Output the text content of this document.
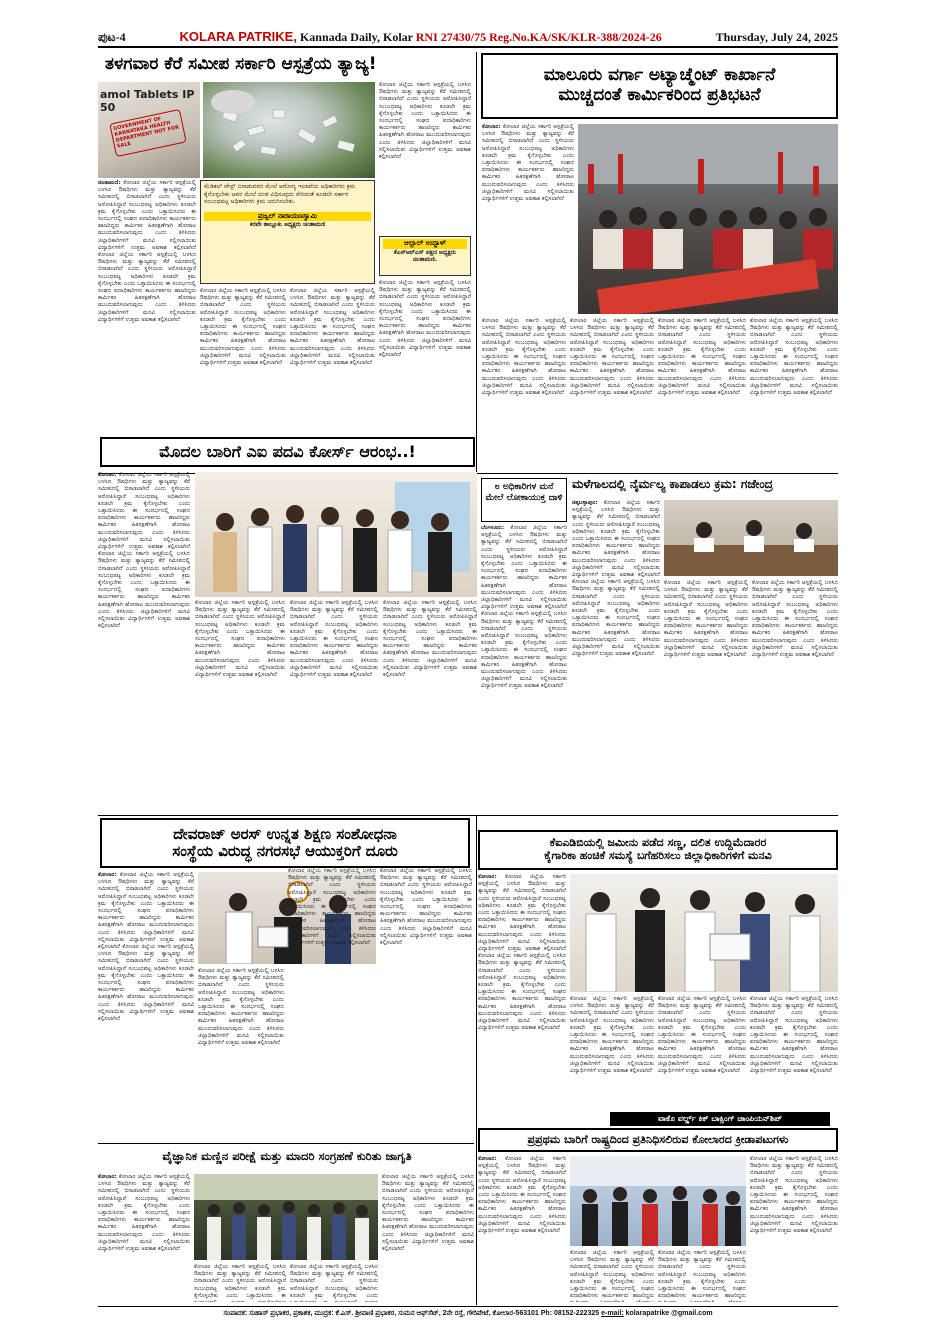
ಪುಟ-4	KOLARA PATRIKE, Kannada Daily, Kolar RNI 27430/75 Reg.No.KA/SK/KLR-388/2024-26	Thursday, July 24, 2025
ತಳಗವಾರ ಕೆರೆ ಸಮೀಪ ಸರ್ಕಾರಿ ಆಸ್ಪತ್ರೆಯ ತ್ಯಾಜ್ಯ!
amol Tablets IP 50
GOVERNMENT OF KARNATAKA HEALTH DEPARTMENT NOT FOR SALE
ಮೆಡಿಕಲ್ ವೇಸ್ಟ್ ಬಿಸಾಡುವವರ ಮೇಲೆ ಆರೋಗ್ಯ ಇಲಾಖೆಯ ಅಧಿಕಾರಿಗಳು ಕ್ರಮ ಕೈಗೊಳ್ಳಬೇಕು ಅವರ ಮೇಲೆ ದಂಡ ವಿಧಿಸುವುದು ಸೇರಿದಂತೆ ಕೂಡಲೇ ಸರ್ಕಾರ ಸಂಬಂಧಪಟ್ಟ ಅಧಿಕಾರಿಗಳು ಕ್ರಮ ಜರುಗಿಸಬೇಕು.
ಪ್ರಜ್ವಲ್ ನಾರಾಯಣಸ್ವಾಮಿ
ಕರವೇ ತಾಲ್ಲೂಕು ಅಧ್ಯಕ್ಷರು ಚಿಂತಾಮಣಿ
ಚಿಂತಾಮಣಿ: ಕೋಲಾರ ಜಿಲ್ಲೆಯ ಸರ್ಕಾರಿ ಆಸ್ಪತ್ರೆಯಲ್ಲಿ ಬಳಸಿದ ಔಷಧಿಗಳು ಮತ್ತು ತ್ಯಾಜ್ಯವನ್ನು ಕೆರೆ ಸಮೀಪದಲ್ಲಿ ಬಿಸಾಡಲಾಗಿದೆ ಎಂದು ಸ್ಥಳೀಯರು ಆರೋಪಿಸಿದ್ದಾರೆ ಸಂಬಂಧಪಟ್ಟ ಅಧಿಕಾರಿಗಳು ಕೂಡಲೇ ಕ್ರಮ ಕೈಗೊಳ್ಳಬೇಕು ಎಂದು ಒತ್ತಾಯಿಸಿದರು ಈ ಸಂದರ್ಭದಲ್ಲಿ ಸಂಘದ ಪದಾಧಿಕಾರಿಗಳು ಕಾರ್ಯಕರ್ತರು ಹಾಜರಿದ್ದರು ಕಾರ್ಮಿಕರ ಹಿತರಕ್ಷಣೆಗಾಗಿ ಹೋರಾಟ ಮುಂದುವರಿಸಲಾಗುವುದು ಎಂದು ತಿಳಿಸಿದರು ಜಿಲ್ಲಾಧಿಕಾರಿಗಳಿಗೆ ಮನವಿ ಸಲ್ಲಿಸಲಾಯಿತು ವಿದ್ಯಾರ್ಥಿಗಳಿಗೆ ಉತ್ತಮ ಅವಕಾಶ ಕಲ್ಪಿಸಲಾಗಿದೆ ಕೋಲಾರ ಜಿಲ್ಲೆಯ ಸರ್ಕಾರಿ ಆಸ್ಪತ್ರೆಯಲ್ಲಿ ಬಳಸಿದ ಔಷಧಿಗಳು ಮತ್ತು ತ್ಯಾಜ್ಯವನ್ನು ಕೆರೆ ಸಮೀಪದಲ್ಲಿ ಬಿಸಾಡಲಾಗಿದೆ ಎಂದು ಸ್ಥಳೀಯರು ಆರೋಪಿಸಿದ್ದಾರೆ ಸಂಬಂಧಪಟ್ಟ ಅಧಿಕಾರಿಗಳು ಕೂಡಲೇ ಕ್ರಮ ಕೈಗೊಳ್ಳಬೇಕು ಎಂದು ಒತ್ತಾಯಿಸಿದರು ಈ ಸಂದರ್ಭದಲ್ಲಿ ಸಂಘದ ಪದಾಧಿಕಾರಿಗಳು ಕಾರ್ಯಕರ್ತರು ಹಾಜರಿದ್ದರು ಕಾರ್ಮಿಕರ ಹಿತರಕ್ಷಣೆಗಾಗಿ ಹೋರಾಟ ಮುಂದುವರಿಸಲಾಗುವುದು ಎಂದು ತಿಳಿಸಿದರು ಜಿಲ್ಲಾಧಿಕಾರಿಗಳಿಗೆ ಮನವಿ ಸಲ್ಲಿಸಲಾಯಿತು ವಿದ್ಯಾರ್ಥಿಗಳಿಗೆ ಉತ್ತಮ ಅವಕಾಶ ಕಲ್ಪಿಸಲಾಗಿದೆ
ಕೋಲಾರ ಜಿಲ್ಲೆಯ ಸರ್ಕಾರಿ ಆಸ್ಪತ್ರೆಯಲ್ಲಿ ಬಳಸಿದ ಔಷಧಿಗಳು ಮತ್ತು ತ್ಯಾಜ್ಯವನ್ನು ಕೆರೆ ಸಮೀಪದಲ್ಲಿ ಬಿಸಾಡಲಾಗಿದೆ ಎಂದು ಸ್ಥಳೀಯರು ಆರೋಪಿಸಿದ್ದಾರೆ ಸಂಬಂಧಪಟ್ಟ ಅಧಿಕಾರಿಗಳು ಕೂಡಲೇ ಕ್ರಮ ಕೈಗೊಳ್ಳಬೇಕು ಎಂದು ಒತ್ತಾಯಿಸಿದರು ಈ ಸಂದರ್ಭದಲ್ಲಿ ಸಂಘದ ಪದಾಧಿಕಾರಿಗಳು ಕಾರ್ಯಕರ್ತರು ಹಾಜರಿದ್ದರು ಕಾರ್ಮಿಕರ ಹಿತರಕ್ಷಣೆಗಾಗಿ ಹೋರಾಟ ಮುಂದುವರಿಸಲಾಗುವುದು ಎಂದು ತಿಳಿಸಿದರು ಜಿಲ್ಲಾಧಿಕಾರಿಗಳಿಗೆ ಮನವಿ ಸಲ್ಲಿಸಲಾಯಿತು ವಿದ್ಯಾರ್ಥಿಗಳಿಗೆ ಉತ್ತಮ ಅವಕಾಶ ಕಲ್ಪಿಸಲಾಗಿದೆ
ಕೋಲಾರ ಜಿಲ್ಲೆಯ ಸರ್ಕಾರಿ ಆಸ್ಪತ್ರೆಯಲ್ಲಿ ಬಳಸಿದ ಔಷಧಿಗಳು ಮತ್ತು ತ್ಯಾಜ್ಯವನ್ನು ಕೆರೆ ಸಮೀಪದಲ್ಲಿ ಬಿಸಾಡಲಾಗಿದೆ ಎಂದು ಸ್ಥಳೀಯರು ಆರೋಪಿಸಿದ್ದಾರೆ ಸಂಬಂಧಪಟ್ಟ ಅಧಿಕಾರಿಗಳು ಕೂಡಲೇ ಕ್ರಮ ಕೈಗೊಳ್ಳಬೇಕು ಎಂದು ಒತ್ತಾಯಿಸಿದರು ಈ ಸಂದರ್ಭದಲ್ಲಿ ಸಂಘದ ಪದಾಧಿಕಾರಿಗಳು ಕಾರ್ಯಕರ್ತರು ಹಾಜರಿದ್ದರು ಕಾರ್ಮಿಕರ ಹಿತರಕ್ಷಣೆಗಾಗಿ ಹೋರಾಟ ಮುಂದುವರಿಸಲಾಗುವುದು ಎಂದು ತಿಳಿಸಿದರು ಜಿಲ್ಲಾಧಿಕಾರಿಗಳಿಗೆ ಮನವಿ ಸಲ್ಲಿಸಲಾಯಿತು ವಿದ್ಯಾರ್ಥಿಗಳಿಗೆ ಉತ್ತಮ ಅವಕಾಶ ಕಲ್ಪಿಸಲಾಗಿದೆ
ಕೋಲಾರ ಜಿಲ್ಲೆಯ ಸರ್ಕಾರಿ ಆಸ್ಪತ್ರೆಯಲ್ಲಿ ಬಳಸಿದ ಔಷಧಿಗಳು ಮತ್ತು ತ್ಯಾಜ್ಯವನ್ನು ಕೆರೆ ಸಮೀಪದಲ್ಲಿ ಬಿಸಾಡಲಾಗಿದೆ ಎಂದು ಸ್ಥಳೀಯರು ಆರೋಪಿಸಿದ್ದಾರೆ ಸಂಬಂಧಪಟ್ಟ ಅಧಿಕಾರಿಗಳು ಕೂಡಲೇ ಕ್ರಮ ಕೈಗೊಳ್ಳಬೇಕು ಎಂದು ಒತ್ತಾಯಿಸಿದರು ಈ ಸಂದರ್ಭದಲ್ಲಿ ಸಂಘದ ಪದಾಧಿಕಾರಿಗಳು ಕಾರ್ಯಕರ್ತರು ಹಾಜರಿದ್ದರು ಕಾರ್ಮಿಕರ ಹಿತರಕ್ಷಣೆಗಾಗಿ ಹೋರಾಟ ಮುಂದುವರಿಸಲಾಗುವುದು ಎಂದು ತಿಳಿಸಿದರು ಜಿಲ್ಲಾಧಿಕಾರಿಗಳಿಗೆ ಮನವಿ ಸಲ್ಲಿಸಲಾಯಿತು ವಿದ್ಯಾರ್ಥಿಗಳಿಗೆ ಉತ್ತಮ ಅವಕಾಶ ಕಲ್ಪಿಸಲಾಗಿದೆ
ಆಲ್ಲಾಲ್ ಉದ್ದಾಳ್
ಕೆಎಸ್ಆರ್‌ಎಸ್ ಪಕ್ಷದ ಅಧ್ಯಕ್ಷರು ಚಿಂತಾಮಣಿ.
ಕೋಲಾರ ಜಿಲ್ಲೆಯ ಸರ್ಕಾರಿ ಆಸ್ಪತ್ರೆಯಲ್ಲಿ ಬಳಸಿದ ಔಷಧಿಗಳು ಮತ್ತು ತ್ಯಾಜ್ಯವನ್ನು ಕೆರೆ ಸಮೀಪದಲ್ಲಿ ಬಿಸಾಡಲಾಗಿದೆ ಎಂದು ಸ್ಥಳೀಯರು ಆರೋಪಿಸಿದ್ದಾರೆ ಸಂಬಂಧಪಟ್ಟ ಅಧಿಕಾರಿಗಳು ಕೂಡಲೇ ಕ್ರಮ ಕೈಗೊಳ್ಳಬೇಕು ಎಂದು ಒತ್ತಾಯಿಸಿದರು ಈ ಸಂದರ್ಭದಲ್ಲಿ ಸಂಘದ ಪದಾಧಿಕಾರಿಗಳು ಕಾರ್ಯಕರ್ತರು ಹಾಜರಿದ್ದರು ಕಾರ್ಮಿಕರ ಹಿತರಕ್ಷಣೆಗಾಗಿ ಹೋರಾಟ ಮುಂದುವರಿಸಲಾಗುವುದು ಎಂದು ತಿಳಿಸಿದರು ಜಿಲ್ಲಾಧಿಕಾರಿಗಳಿಗೆ ಮನವಿ ಸಲ್ಲಿಸಲಾಯಿತು ವಿದ್ಯಾರ್ಥಿಗಳಿಗೆ ಉತ್ತಮ ಅವಕಾಶ ಕಲ್ಪಿಸಲಾಗಿದೆ
ಮಾಲೂರು ವರ್ಗಾ ಅಟ್ಯಾಚ್ಮೆಂಟ್ ಕಾರ್ಖಾನೆ
ಮುಚ್ಚದಂತೆ ಕಾರ್ಮಿಕರಿಂದ ಪ್ರತಿಭಟನೆ
ಕೋಲಾರ: ಕೋಲಾರ ಜಿಲ್ಲೆಯ ಸರ್ಕಾರಿ ಆಸ್ಪತ್ರೆಯಲ್ಲಿ ಬಳಸಿದ ಔಷಧಿಗಳು ಮತ್ತು ತ್ಯಾಜ್ಯವನ್ನು ಕೆರೆ ಸಮೀಪದಲ್ಲಿ ಬಿಸಾಡಲಾಗಿದೆ ಎಂದು ಸ್ಥಳೀಯರು ಆರೋಪಿಸಿದ್ದಾರೆ ಸಂಬಂಧಪಟ್ಟ ಅಧಿಕಾರಿಗಳು ಕೂಡಲೇ ಕ್ರಮ ಕೈಗೊಳ್ಳಬೇಕು ಎಂದು ಒತ್ತಾಯಿಸಿದರು ಈ ಸಂದರ್ಭದಲ್ಲಿ ಸಂಘದ ಪದಾಧಿಕಾರಿಗಳು ಕಾರ್ಯಕರ್ತರು ಹಾಜರಿದ್ದರು ಕಾರ್ಮಿಕರ ಹಿತರಕ್ಷಣೆಗಾಗಿ ಹೋರಾಟ ಮುಂದುವರಿಸಲಾಗುವುದು ಎಂದು ತಿಳಿಸಿದರು ಜಿಲ್ಲಾಧಿಕಾರಿಗಳಿಗೆ ಮನವಿ ಸಲ್ಲಿಸಲಾಯಿತು ವಿದ್ಯಾರ್ಥಿಗಳಿಗೆ ಉತ್ತಮ ಅವಕಾಶ ಕಲ್ಪಿಸಲಾಗಿದೆ
ಕೋಲಾರ ಜಿಲ್ಲೆಯ ಸರ್ಕಾರಿ ಆಸ್ಪತ್ರೆಯಲ್ಲಿ ಬಳಸಿದ ಔಷಧಿಗಳು ಮತ್ತು ತ್ಯಾಜ್ಯವನ್ನು ಕೆರೆ ಸಮೀಪದಲ್ಲಿ ಬಿಸಾಡಲಾಗಿದೆ ಎಂದು ಸ್ಥಳೀಯರು ಆರೋಪಿಸಿದ್ದಾರೆ ಸಂಬಂಧಪಟ್ಟ ಅಧಿಕಾರಿಗಳು ಕೂಡಲೇ ಕ್ರಮ ಕೈಗೊಳ್ಳಬೇಕು ಎಂದು ಒತ್ತಾಯಿಸಿದರು ಈ ಸಂದರ್ಭದಲ್ಲಿ ಸಂಘದ ಪದಾಧಿಕಾರಿಗಳು ಕಾರ್ಯಕರ್ತರು ಹಾಜರಿದ್ದರು ಕಾರ್ಮಿಕರ ಹಿತರಕ್ಷಣೆಗಾಗಿ ಹೋರಾಟ ಮುಂದುವರಿಸಲಾಗುವುದು ಎಂದು ತಿಳಿಸಿದರು ಜಿಲ್ಲಾಧಿಕಾರಿಗಳಿಗೆ ಮನವಿ ಸಲ್ಲಿಸಲಾಯಿತು ವಿದ್ಯಾರ್ಥಿಗಳಿಗೆ ಉತ್ತಮ ಅವಕಾಶ ಕಲ್ಪಿಸಲಾಗಿದೆ
ಕೋಲಾರ ಜಿಲ್ಲೆಯ ಸರ್ಕಾರಿ ಆಸ್ಪತ್ರೆಯಲ್ಲಿ ಬಳಸಿದ ಔಷಧಿಗಳು ಮತ್ತು ತ್ಯಾಜ್ಯವನ್ನು ಕೆರೆ ಸಮೀಪದಲ್ಲಿ ಬಿಸಾಡಲಾಗಿದೆ ಎಂದು ಸ್ಥಳೀಯರು ಆರೋಪಿಸಿದ್ದಾರೆ ಸಂಬಂಧಪಟ್ಟ ಅಧಿಕಾರಿಗಳು ಕೂಡಲೇ ಕ್ರಮ ಕೈಗೊಳ್ಳಬೇಕು ಎಂದು ಒತ್ತಾಯಿಸಿದರು ಈ ಸಂದರ್ಭದಲ್ಲಿ ಸಂಘದ ಪದಾಧಿಕಾರಿಗಳು ಕಾರ್ಯಕರ್ತರು ಹಾಜರಿದ್ದರು ಕಾರ್ಮಿಕರ ಹಿತರಕ್ಷಣೆಗಾಗಿ ಹೋರಾಟ ಮುಂದುವರಿಸಲಾಗುವುದು ಎಂದು ತಿಳಿಸಿದರು ಜಿಲ್ಲಾಧಿಕಾರಿಗಳಿಗೆ ಮನವಿ ಸಲ್ಲಿಸಲಾಯಿತು ವಿದ್ಯಾರ್ಥಿಗಳಿಗೆ ಉತ್ತಮ ಅವಕಾಶ ಕಲ್ಪಿಸಲಾಗಿದೆ
ಕೋಲಾರ ಜಿಲ್ಲೆಯ ಸರ್ಕಾರಿ ಆಸ್ಪತ್ರೆಯಲ್ಲಿ ಬಳಸಿದ ಔಷಧಿಗಳು ಮತ್ತು ತ್ಯಾಜ್ಯವನ್ನು ಕೆರೆ ಸಮೀಪದಲ್ಲಿ ಬಿಸಾಡಲಾಗಿದೆ ಎಂದು ಸ್ಥಳೀಯರು ಆರೋಪಿಸಿದ್ದಾರೆ ಸಂಬಂಧಪಟ್ಟ ಅಧಿಕಾರಿಗಳು ಕೂಡಲೇ ಕ್ರಮ ಕೈಗೊಳ್ಳಬೇಕು ಎಂದು ಒತ್ತಾಯಿಸಿದರು ಈ ಸಂದರ್ಭದಲ್ಲಿ ಸಂಘದ ಪದಾಧಿಕಾರಿಗಳು ಕಾರ್ಯಕರ್ತರು ಹಾಜರಿದ್ದರು ಕಾರ್ಮಿಕರ ಹಿತರಕ್ಷಣೆಗಾಗಿ ಹೋರಾಟ ಮುಂದುವರಿಸಲಾಗುವುದು ಎಂದು ತಿಳಿಸಿದರು ಜಿಲ್ಲಾಧಿಕಾರಿಗಳಿಗೆ ಮನವಿ ಸಲ್ಲಿಸಲಾಯಿತು ವಿದ್ಯಾರ್ಥಿಗಳಿಗೆ ಉತ್ತಮ ಅವಕಾಶ ಕಲ್ಪಿಸಲಾಗಿದೆ
ಕೋಲಾರ ಜಿಲ್ಲೆಯ ಸರ್ಕಾರಿ ಆಸ್ಪತ್ರೆಯಲ್ಲಿ ಬಳಸಿದ ಔಷಧಿಗಳು ಮತ್ತು ತ್ಯಾಜ್ಯವನ್ನು ಕೆರೆ ಸಮೀಪದಲ್ಲಿ ಬಿಸಾಡಲಾಗಿದೆ ಎಂದು ಸ್ಥಳೀಯರು ಆರೋಪಿಸಿದ್ದಾರೆ ಸಂಬಂಧಪಟ್ಟ ಅಧಿಕಾರಿಗಳು ಕೂಡಲೇ ಕ್ರಮ ಕೈಗೊಳ್ಳಬೇಕು ಎಂದು ಒತ್ತಾಯಿಸಿದರು ಈ ಸಂದರ್ಭದಲ್ಲಿ ಸಂಘದ ಪದಾಧಿಕಾರಿಗಳು ಕಾರ್ಯಕರ್ತರು ಹಾಜರಿದ್ದರು ಕಾರ್ಮಿಕರ ಹಿತರಕ್ಷಣೆಗಾಗಿ ಹೋರಾಟ ಮುಂದುವರಿಸಲಾಗುವುದು ಎಂದು ತಿಳಿಸಿದರು ಜಿಲ್ಲಾಧಿಕಾರಿಗಳಿಗೆ ಮನವಿ ಸಲ್ಲಿಸಲಾಯಿತು ವಿದ್ಯಾರ್ಥಿಗಳಿಗೆ ಉತ್ತಮ ಅವಕಾಶ ಕಲ್ಪಿಸಲಾಗಿದೆ
ಮೊದಲ ಬಾರಿಗೆ ಎಐ ಪದವಿ ಕೋರ್ಸ್ ಆರಂಭ..!
ಕೋಲಾರ: ಕೋಲಾರ ಜಿಲ್ಲೆಯ ಸರ್ಕಾರಿ ಆಸ್ಪತ್ರೆಯಲ್ಲಿ ಬಳಸಿದ ಔಷಧಿಗಳು ಮತ್ತು ತ್ಯಾಜ್ಯವನ್ನು ಕೆರೆ ಸಮೀಪದಲ್ಲಿ ಬಿಸಾಡಲಾಗಿದೆ ಎಂದು ಸ್ಥಳೀಯರು ಆರೋಪಿಸಿದ್ದಾರೆ ಸಂಬಂಧಪಟ್ಟ ಅಧಿಕಾರಿಗಳು ಕೂಡಲೇ ಕ್ರಮ ಕೈಗೊಳ್ಳಬೇಕು ಎಂದು ಒತ್ತಾಯಿಸಿದರು ಈ ಸಂದರ್ಭದಲ್ಲಿ ಸಂಘದ ಪದಾಧಿಕಾರಿಗಳು ಕಾರ್ಯಕರ್ತರು ಹಾಜರಿದ್ದರು ಕಾರ್ಮಿಕರ ಹಿತರಕ್ಷಣೆಗಾಗಿ ಹೋರಾಟ ಮುಂದುವರಿಸಲಾಗುವುದು ಎಂದು ತಿಳಿಸಿದರು ಜಿಲ್ಲಾಧಿಕಾರಿಗಳಿಗೆ ಮನವಿ ಸಲ್ಲಿಸಲಾಯಿತು ವಿದ್ಯಾರ್ಥಿಗಳಿಗೆ ಉತ್ತಮ ಅವಕಾಶ ಕಲ್ಪಿಸಲಾಗಿದೆ ಕೋಲಾರ ಜಿಲ್ಲೆಯ ಸರ್ಕಾರಿ ಆಸ್ಪತ್ರೆಯಲ್ಲಿ ಬಳಸಿದ ಔಷಧಿಗಳು ಮತ್ತು ತ್ಯಾಜ್ಯವನ್ನು ಕೆರೆ ಸಮೀಪದಲ್ಲಿ ಬಿಸಾಡಲಾಗಿದೆ ಎಂದು ಸ್ಥಳೀಯರು ಆರೋಪಿಸಿದ್ದಾರೆ ಸಂಬಂಧಪಟ್ಟ ಅಧಿಕಾರಿಗಳು ಕೂಡಲೇ ಕ್ರಮ ಕೈಗೊಳ್ಳಬೇಕು ಎಂದು ಒತ್ತಾಯಿಸಿದರು ಈ ಸಂದರ್ಭದಲ್ಲಿ ಸಂಘದ ಪದಾಧಿಕಾರಿಗಳು ಕಾರ್ಯಕರ್ತರು ಹಾಜರಿದ್ದರು ಕಾರ್ಮಿಕರ ಹಿತರಕ್ಷಣೆಗಾಗಿ ಹೋರಾಟ ಮುಂದುವರಿಸಲಾಗುವುದು ಎಂದು ತಿಳಿಸಿದರು ಜಿಲ್ಲಾಧಿಕಾರಿಗಳಿಗೆ ಮನವಿ ಸಲ್ಲಿಸಲಾಯಿತು ವಿದ್ಯಾರ್ಥಿಗಳಿಗೆ ಉತ್ತಮ ಅವಕಾಶ ಕಲ್ಪಿಸಲಾಗಿದೆ
ಕೋಲಾರ ಜಿಲ್ಲೆಯ ಸರ್ಕಾರಿ ಆಸ್ಪತ್ರೆಯಲ್ಲಿ ಬಳಸಿದ ಔಷಧಿಗಳು ಮತ್ತು ತ್ಯಾಜ್ಯವನ್ನು ಕೆರೆ ಸಮೀಪದಲ್ಲಿ ಬಿಸಾಡಲಾಗಿದೆ ಎಂದು ಸ್ಥಳೀಯರು ಆರೋಪಿಸಿದ್ದಾರೆ ಸಂಬಂಧಪಟ್ಟ ಅಧಿಕಾರಿಗಳು ಕೂಡಲೇ ಕ್ರಮ ಕೈಗೊಳ್ಳಬೇಕು ಎಂದು ಒತ್ತಾಯಿಸಿದರು ಈ ಸಂದರ್ಭದಲ್ಲಿ ಸಂಘದ ಪದಾಧಿಕಾರಿಗಳು ಕಾರ್ಯಕರ್ತರು ಹಾಜರಿದ್ದರು ಕಾರ್ಮಿಕರ ಹಿತರಕ್ಷಣೆಗಾಗಿ ಹೋರಾಟ ಮುಂದುವರಿಸಲಾಗುವುದು ಎಂದು ತಿಳಿಸಿದರು ಜಿಲ್ಲಾಧಿಕಾರಿಗಳಿಗೆ ಮನವಿ ಸಲ್ಲಿಸಲಾಯಿತು ವಿದ್ಯಾರ್ಥಿಗಳಿಗೆ ಉತ್ತಮ ಅವಕಾಶ ಕಲ್ಪಿಸಲಾಗಿದೆ
ಕೋಲಾರ ಜಿಲ್ಲೆಯ ಸರ್ಕಾರಿ ಆಸ್ಪತ್ರೆಯಲ್ಲಿ ಬಳಸಿದ ಔಷಧಿಗಳು ಮತ್ತು ತ್ಯಾಜ್ಯವನ್ನು ಕೆರೆ ಸಮೀಪದಲ್ಲಿ ಬಿಸಾಡಲಾಗಿದೆ ಎಂದು ಸ್ಥಳೀಯರು ಆರೋಪಿಸಿದ್ದಾರೆ ಸಂಬಂಧಪಟ್ಟ ಅಧಿಕಾರಿಗಳು ಕೂಡಲೇ ಕ್ರಮ ಕೈಗೊಳ್ಳಬೇಕು ಎಂದು ಒತ್ತಾಯಿಸಿದರು ಈ ಸಂದರ್ಭದಲ್ಲಿ ಸಂಘದ ಪದಾಧಿಕಾರಿಗಳು ಕಾರ್ಯಕರ್ತರು ಹಾಜರಿದ್ದರು ಕಾರ್ಮಿಕರ ಹಿತರಕ್ಷಣೆಗಾಗಿ ಹೋರಾಟ ಮುಂದುವರಿಸಲಾಗುವುದು ಎಂದು ತಿಳಿಸಿದರು ಜಿಲ್ಲಾಧಿಕಾರಿಗಳಿಗೆ ಮನವಿ ಸಲ್ಲಿಸಲಾಯಿತು ವಿದ್ಯಾರ್ಥಿಗಳಿಗೆ ಉತ್ತಮ ಅವಕಾಶ ಕಲ್ಪಿಸಲಾಗಿದೆ
ಕೋಲಾರ ಜಿಲ್ಲೆಯ ಸರ್ಕಾರಿ ಆಸ್ಪತ್ರೆಯಲ್ಲಿ ಬಳಸಿದ ಔಷಧಿಗಳು ಮತ್ತು ತ್ಯಾಜ್ಯವನ್ನು ಕೆರೆ ಸಮೀಪದಲ್ಲಿ ಬಿಸಾಡಲಾಗಿದೆ ಎಂದು ಸ್ಥಳೀಯರು ಆರೋಪಿಸಿದ್ದಾರೆ ಸಂಬಂಧಪಟ್ಟ ಅಧಿಕಾರಿಗಳು ಕೂಡಲೇ ಕ್ರಮ ಕೈಗೊಳ್ಳಬೇಕು ಎಂದು ಒತ್ತಾಯಿಸಿದರು ಈ ಸಂದರ್ಭದಲ್ಲಿ ಸಂಘದ ಪದಾಧಿಕಾರಿಗಳು ಕಾರ್ಯಕರ್ತರು ಹಾಜರಿದ್ದರು ಕಾರ್ಮಿಕರ ಹಿತರಕ್ಷಣೆಗಾಗಿ ಹೋರಾಟ ಮುಂದುವರಿಸಲಾಗುವುದು ಎಂದು ತಿಳಿಸಿದರು ಜಿಲ್ಲಾಧಿಕಾರಿಗಳಿಗೆ ಮನವಿ ಸಲ್ಲಿಸಲಾಯಿತು ವಿದ್ಯಾರ್ಥಿಗಳಿಗೆ ಉತ್ತಮ ಅವಕಾಶ ಕಲ್ಪಿಸಲಾಗಿದೆ
೮ ಅಧಿಕಾರಿಗಳ ಮನೆ ಮೇಲೆ ಲೋಕಾಯುಕ್ತ ದಾಳಿ
ಬೆಂಗಳೂರು: ಕೋಲಾರ ಜಿಲ್ಲೆಯ ಸರ್ಕಾರಿ ಆಸ್ಪತ್ರೆಯಲ್ಲಿ ಬಳಸಿದ ಔಷಧಿಗಳು ಮತ್ತು ತ್ಯಾಜ್ಯವನ್ನು ಕೆರೆ ಸಮೀಪದಲ್ಲಿ ಬಿಸಾಡಲಾಗಿದೆ ಎಂದು ಸ್ಥಳೀಯರು ಆರೋಪಿಸಿದ್ದಾರೆ ಸಂಬಂಧಪಟ್ಟ ಅಧಿಕಾರಿಗಳು ಕೂಡಲೇ ಕ್ರಮ ಕೈಗೊಳ್ಳಬೇಕು ಎಂದು ಒತ್ತಾಯಿಸಿದರು ಈ ಸಂದರ್ಭದಲ್ಲಿ ಸಂಘದ ಪದಾಧಿಕಾರಿಗಳು ಕಾರ್ಯಕರ್ತರು ಹಾಜರಿದ್ದರು ಕಾರ್ಮಿಕರ ಹಿತರಕ್ಷಣೆಗಾಗಿ ಹೋರಾಟ ಮುಂದುವರಿಸಲಾಗುವುದು ಎಂದು ತಿಳಿಸಿದರು ಜಿಲ್ಲಾಧಿಕಾರಿಗಳಿಗೆ ಮನವಿ ಸಲ್ಲಿಸಲಾಯಿತು ವಿದ್ಯಾರ್ಥಿಗಳಿಗೆ ಉತ್ತಮ ಅವಕಾಶ ಕಲ್ಪಿಸಲಾಗಿದೆ ಕೋಲಾರ ಜಿಲ್ಲೆಯ ಸರ್ಕಾರಿ ಆಸ್ಪತ್ರೆಯಲ್ಲಿ ಬಳಸಿದ ಔಷಧಿಗಳು ಮತ್ತು ತ್ಯಾಜ್ಯವನ್ನು ಕೆರೆ ಸಮೀಪದಲ್ಲಿ ಬಿಸಾಡಲಾಗಿದೆ ಎಂದು ಸ್ಥಳೀಯರು ಆರೋಪಿಸಿದ್ದಾರೆ ಸಂಬಂಧಪಟ್ಟ ಅಧಿಕಾರಿಗಳು ಕೂಡಲೇ ಕ್ರಮ ಕೈಗೊಳ್ಳಬೇಕು ಎಂದು ಒತ್ತಾಯಿಸಿದರು ಈ ಸಂದರ್ಭದಲ್ಲಿ ಸಂಘದ ಪದಾಧಿಕಾರಿಗಳು ಕಾರ್ಯಕರ್ತರು ಹಾಜರಿದ್ದರು ಕಾರ್ಮಿಕರ ಹಿತರಕ್ಷಣೆಗಾಗಿ ಹೋರಾಟ ಮುಂದುವರಿಸಲಾಗುವುದು ಎಂದು ತಿಳಿಸಿದರು ಜಿಲ್ಲಾಧಿಕಾರಿಗಳಿಗೆ ಮನವಿ ಸಲ್ಲಿಸಲಾಯಿತು ವಿದ್ಯಾರ್ಥಿಗಳಿಗೆ ಉತ್ತಮ ಅವಕಾಶ ಕಲ್ಪಿಸಲಾಗಿದೆ
ಮಳೆಗಾಲದಲ್ಲಿ ನೈರ್ಮಲ್ಯ ಕಾಪಾಡಲು ಕ್ರಮ: ಗಜೇಂದ್ರ
ಚಿಕ್ಕಬಳ್ಳಾಪುರ: ಕೋಲಾರ ಜಿಲ್ಲೆಯ ಸರ್ಕಾರಿ ಆಸ್ಪತ್ರೆಯಲ್ಲಿ ಬಳಸಿದ ಔಷಧಿಗಳು ಮತ್ತು ತ್ಯಾಜ್ಯವನ್ನು ಕೆರೆ ಸಮೀಪದಲ್ಲಿ ಬಿಸಾಡಲಾಗಿದೆ ಎಂದು ಸ್ಥಳೀಯರು ಆರೋಪಿಸಿದ್ದಾರೆ ಸಂಬಂಧಪಟ್ಟ ಅಧಿಕಾರಿಗಳು ಕೂಡಲೇ ಕ್ರಮ ಕೈಗೊಳ್ಳಬೇಕು ಎಂದು ಒತ್ತಾಯಿಸಿದರು ಈ ಸಂದರ್ಭದಲ್ಲಿ ಸಂಘದ ಪದಾಧಿಕಾರಿಗಳು ಕಾರ್ಯಕರ್ತರು ಹಾಜರಿದ್ದರು ಕಾರ್ಮಿಕರ ಹಿತರಕ್ಷಣೆಗಾಗಿ ಹೋರಾಟ ಮುಂದುವರಿಸಲಾಗುವುದು ಎಂದು ತಿಳಿಸಿದರು ಜಿಲ್ಲಾಧಿಕಾರಿಗಳಿಗೆ ಮನವಿ ಸಲ್ಲಿಸಲಾಯಿತು ವಿದ್ಯಾರ್ಥಿಗಳಿಗೆ ಉತ್ತಮ ಅವಕಾಶ ಕಲ್ಪಿಸಲಾಗಿದೆ ಕೋಲಾರ ಜಿಲ್ಲೆಯ ಸರ್ಕಾರಿ ಆಸ್ಪತ್ರೆಯಲ್ಲಿ ಬಳಸಿದ ಔಷಧಿಗಳು ಮತ್ತು ತ್ಯಾಜ್ಯವನ್ನು ಕೆರೆ ಸಮೀಪದಲ್ಲಿ ಬಿಸಾಡಲಾಗಿದೆ ಎಂದು ಸ್ಥಳೀಯರು ಆರೋಪಿಸಿದ್ದಾರೆ ಸಂಬಂಧಪಟ್ಟ ಅಧಿಕಾರಿಗಳು ಕೂಡಲೇ ಕ್ರಮ ಕೈಗೊಳ್ಳಬೇಕು ಎಂದು ಒತ್ತಾಯಿಸಿದರು ಈ ಸಂದರ್ಭದಲ್ಲಿ ಸಂಘದ ಪದಾಧಿಕಾರಿಗಳು ಕಾರ್ಯಕರ್ತರು ಹಾಜರಿದ್ದರು ಕಾರ್ಮಿಕರ ಹಿತರಕ್ಷಣೆಗಾಗಿ ಹೋರಾಟ ಮುಂದುವರಿಸಲಾಗುವುದು ಎಂದು ತಿಳಿಸಿದರು ಜಿಲ್ಲಾಧಿಕಾರಿಗಳಿಗೆ ಮನವಿ ಸಲ್ಲಿಸಲಾಯಿತು ವಿದ್ಯಾರ್ಥಿಗಳಿಗೆ ಉತ್ತಮ ಅವಕಾಶ ಕಲ್ಪಿಸಲಾಗಿದೆ
ಕೋಲಾರ ಜಿಲ್ಲೆಯ ಸರ್ಕಾರಿ ಆಸ್ಪತ್ರೆಯಲ್ಲಿ ಬಳಸಿದ ಔಷಧಿಗಳು ಮತ್ತು ತ್ಯಾಜ್ಯವನ್ನು ಕೆರೆ ಸಮೀಪದಲ್ಲಿ ಬಿಸಾಡಲಾಗಿದೆ ಎಂದು ಸ್ಥಳೀಯರು ಆರೋಪಿಸಿದ್ದಾರೆ ಸಂಬಂಧಪಟ್ಟ ಅಧಿಕಾರಿಗಳು ಕೂಡಲೇ ಕ್ರಮ ಕೈಗೊಳ್ಳಬೇಕು ಎಂದು ಒತ್ತಾಯಿಸಿದರು ಈ ಸಂದರ್ಭದಲ್ಲಿ ಸಂಘದ ಪದಾಧಿಕಾರಿಗಳು ಕಾರ್ಯಕರ್ತರು ಹಾಜರಿದ್ದರು ಕಾರ್ಮಿಕರ ಹಿತರಕ್ಷಣೆಗಾಗಿ ಹೋರಾಟ ಮುಂದುವರಿಸಲಾಗುವುದು ಎಂದು ತಿಳಿಸಿದರು ಜಿಲ್ಲಾಧಿಕಾರಿಗಳಿಗೆ ಮನವಿ ಸಲ್ಲಿಸಲಾಯಿತು ವಿದ್ಯಾರ್ಥಿಗಳಿಗೆ ಉತ್ತಮ ಅವಕಾಶ ಕಲ್ಪಿಸಲಾಗಿದೆ
ಕೋಲಾರ ಜಿಲ್ಲೆಯ ಸರ್ಕಾರಿ ಆಸ್ಪತ್ರೆಯಲ್ಲಿ ಬಳಸಿದ ಔಷಧಿಗಳು ಮತ್ತು ತ್ಯಾಜ್ಯವನ್ನು ಕೆರೆ ಸಮೀಪದಲ್ಲಿ ಬಿಸಾಡಲಾಗಿದೆ ಎಂದು ಸ್ಥಳೀಯರು ಆರೋಪಿಸಿದ್ದಾರೆ ಸಂಬಂಧಪಟ್ಟ ಅಧಿಕಾರಿಗಳು ಕೂಡಲೇ ಕ್ರಮ ಕೈಗೊಳ್ಳಬೇಕು ಎಂದು ಒತ್ತಾಯಿಸಿದರು ಈ ಸಂದರ್ಭದಲ್ಲಿ ಸಂಘದ ಪದಾಧಿಕಾರಿಗಳು ಕಾರ್ಯಕರ್ತರು ಹಾಜರಿದ್ದರು ಕಾರ್ಮಿಕರ ಹಿತರಕ್ಷಣೆಗಾಗಿ ಹೋರಾಟ ಮುಂದುವರಿಸಲಾಗುವುದು ಎಂದು ತಿಳಿಸಿದರು ಜಿಲ್ಲಾಧಿಕಾರಿಗಳಿಗೆ ಮನವಿ ಸಲ್ಲಿಸಲಾಯಿತು ವಿದ್ಯಾರ್ಥಿಗಳಿಗೆ ಉತ್ತಮ ಅವಕಾಶ ಕಲ್ಪಿಸಲಾಗಿದೆ
ದೇವರಾಜ್ ಅರಸ್ ಉನ್ನತ ಶಿಕ್ಷಣ ಸಂಶೋಧನಾ
ಸಂಸ್ಥೆಯ ವಿರುದ್ಧ ನಗರಸಭೆ ಆಯುಕ್ತರಿಗೆ ದೂರು
ಕೋಲಾರ: ಕೋಲಾರ ಜಿಲ್ಲೆಯ ಸರ್ಕಾರಿ ಆಸ್ಪತ್ರೆಯಲ್ಲಿ ಬಳಸಿದ ಔಷಧಿಗಳು ಮತ್ತು ತ್ಯಾಜ್ಯವನ್ನು ಕೆರೆ ಸಮೀಪದಲ್ಲಿ ಬಿಸಾಡಲಾಗಿದೆ ಎಂದು ಸ್ಥಳೀಯರು ಆರೋಪಿಸಿದ್ದಾರೆ ಸಂಬಂಧಪಟ್ಟ ಅಧಿಕಾರಿಗಳು ಕೂಡಲೇ ಕ್ರಮ ಕೈಗೊಳ್ಳಬೇಕು ಎಂದು ಒತ್ತಾಯಿಸಿದರು ಈ ಸಂದರ್ಭದಲ್ಲಿ ಸಂಘದ ಪದಾಧಿಕಾರಿಗಳು ಕಾರ್ಯಕರ್ತರು ಹಾಜರಿದ್ದರು ಕಾರ್ಮಿಕರ ಹಿತರಕ್ಷಣೆಗಾಗಿ ಹೋರಾಟ ಮುಂದುವರಿಸಲಾಗುವುದು ಎಂದು ತಿಳಿಸಿದರು ಜಿಲ್ಲಾಧಿಕಾರಿಗಳಿಗೆ ಮನವಿ ಸಲ್ಲಿಸಲಾಯಿತು ವಿದ್ಯಾರ್ಥಿಗಳಿಗೆ ಉತ್ತಮ ಅವಕಾಶ ಕಲ್ಪಿಸಲಾಗಿದೆ ಕೋಲಾರ ಜಿಲ್ಲೆಯ ಸರ್ಕಾರಿ ಆಸ್ಪತ್ರೆಯಲ್ಲಿ ಬಳಸಿದ ಔಷಧಿಗಳು ಮತ್ತು ತ್ಯಾಜ್ಯವನ್ನು ಕೆರೆ ಸಮೀಪದಲ್ಲಿ ಬಿಸಾಡಲಾಗಿದೆ ಎಂದು ಸ್ಥಳೀಯರು ಆರೋಪಿಸಿದ್ದಾರೆ ಸಂಬಂಧಪಟ್ಟ ಅಧಿಕಾರಿಗಳು ಕೂಡಲೇ ಕ್ರಮ ಕೈಗೊಳ್ಳಬೇಕು ಎಂದು ಒತ್ತಾಯಿಸಿದರು ಈ ಸಂದರ್ಭದಲ್ಲಿ ಸಂಘದ ಪದಾಧಿಕಾರಿಗಳು ಕಾರ್ಯಕರ್ತರು ಹಾಜರಿದ್ದರು ಕಾರ್ಮಿಕರ ಹಿತರಕ್ಷಣೆಗಾಗಿ ಹೋರಾಟ ಮುಂದುವರಿಸಲಾಗುವುದು ಎಂದು ತಿಳಿಸಿದರು ಜಿಲ್ಲಾಧಿಕಾರಿಗಳಿಗೆ ಮನವಿ ಸಲ್ಲಿಸಲಾಯಿತು ವಿದ್ಯಾರ್ಥಿಗಳಿಗೆ ಉತ್ತಮ ಅವಕಾಶ ಕಲ್ಪಿಸಲಾಗಿದೆ
ಕೋಲಾರ ಜಿಲ್ಲೆಯ ಸರ್ಕಾರಿ ಆಸ್ಪತ್ರೆಯಲ್ಲಿ ಬಳಸಿದ ಔಷಧಿಗಳು ಮತ್ತು ತ್ಯಾಜ್ಯವನ್ನು ಕೆರೆ ಸಮೀಪದಲ್ಲಿ ಬಿಸಾಡಲಾಗಿದೆ ಎಂದು ಸ್ಥಳೀಯರು ಆರೋಪಿಸಿದ್ದಾರೆ ಸಂಬಂಧಪಟ್ಟ ಅಧಿಕಾರಿಗಳು ಕೂಡಲೇ ಕ್ರಮ ಕೈಗೊಳ್ಳಬೇಕು ಎಂದು ಒತ್ತಾಯಿಸಿದರು ಈ ಸಂದರ್ಭದಲ್ಲಿ ಸಂಘದ ಪದಾಧಿಕಾರಿಗಳು ಕಾರ್ಯಕರ್ತರು ಹಾಜರಿದ್ದರು ಕಾರ್ಮಿಕರ ಹಿತರಕ್ಷಣೆಗಾಗಿ ಹೋರಾಟ ಮುಂದುವರಿಸಲಾಗುವುದು ಎಂದು ತಿಳಿಸಿದರು ಜಿಲ್ಲಾಧಿಕಾರಿಗಳಿಗೆ ಮನವಿ ಸಲ್ಲಿಸಲಾಯಿತು ವಿದ್ಯಾರ್ಥಿಗಳಿಗೆ ಉತ್ತಮ ಅವಕಾಶ ಕಲ್ಪಿಸಲಾಗಿದೆ
ಕೋಲಾರ ಜಿಲ್ಲೆಯ ಸರ್ಕಾರಿ ಆಸ್ಪತ್ರೆಯಲ್ಲಿ ಬಳಸಿದ ಔಷಧಿಗಳು ಮತ್ತು ತ್ಯಾಜ್ಯವನ್ನು ಕೆರೆ ಸಮೀಪದಲ್ಲಿ ಬಿಸಾಡಲಾಗಿದೆ ಎಂದು ಸ್ಥಳೀಯರು ಆರೋಪಿಸಿದ್ದಾರೆ ಸಂಬಂಧಪಟ್ಟ ಅಧಿಕಾರಿಗಳು ಕೂಡಲೇ ಕ್ರಮ ಕೈಗೊಳ್ಳಬೇಕು ಎಂದು ಒತ್ತಾಯಿಸಿದರು ಈ ಸಂದರ್ಭದಲ್ಲಿ ಸಂಘದ ಪದಾಧಿಕಾರಿಗಳು ಕಾರ್ಯಕರ್ತರು ಹಾಜರಿದ್ದರು ಕಾರ್ಮಿಕರ ಹಿತರಕ್ಷಣೆಗಾಗಿ ಹೋರಾಟ ಮುಂದುವರಿಸಲಾಗುವುದು ಎಂದು ತಿಳಿಸಿದರು ಜಿಲ್ಲಾಧಿಕಾರಿಗಳಿಗೆ ಮನವಿ ಸಲ್ಲಿಸಲಾಯಿತು ವಿದ್ಯಾರ್ಥಿಗಳಿಗೆ ಉತ್ತಮ ಅವಕಾಶ ಕಲ್ಪಿಸಲಾಗಿದೆ
ಕೋಲಾರ ಜಿಲ್ಲೆಯ ಸರ್ಕಾರಿ ಆಸ್ಪತ್ರೆಯಲ್ಲಿ ಬಳಸಿದ ಔಷಧಿಗಳು ಮತ್ತು ತ್ಯಾಜ್ಯವನ್ನು ಕೆರೆ ಸಮೀಪದಲ್ಲಿ ಬಿಸಾಡಲಾಗಿದೆ ಎಂದು ಸ್ಥಳೀಯರು ಆರೋಪಿಸಿದ್ದಾರೆ ಸಂಬಂಧಪಟ್ಟ ಅಧಿಕಾರಿಗಳು ಕೂಡಲೇ ಕ್ರಮ ಕೈಗೊಳ್ಳಬೇಕು ಎಂದು ಒತ್ತಾಯಿಸಿದರು ಈ ಸಂದರ್ಭದಲ್ಲಿ ಸಂಘದ ಪದಾಧಿಕಾರಿಗಳು ಕಾರ್ಯಕರ್ತರು ಹಾಜರಿದ್ದರು ಕಾರ್ಮಿಕರ ಹಿತರಕ್ಷಣೆಗಾಗಿ ಹೋರಾಟ ಮುಂದುವರಿಸಲಾಗುವುದು ಎಂದು ತಿಳಿಸಿದರು ಜಿಲ್ಲಾಧಿಕಾರಿಗಳಿಗೆ ಮನವಿ ಸಲ್ಲಿಸಲಾಯಿತು ವಿದ್ಯಾರ್ಥಿಗಳಿಗೆ ಉತ್ತಮ ಅವಕಾಶ ಕಲ್ಪಿಸಲಾಗಿದೆ
ಕೆಐಎಡಿಬಿಯಲ್ಲಿ ಜಮೀನು ಪಡೆದ ಸಣ್ಣ, ದಲಿತ ಉದ್ದಿಮೆದಾರರ
ಕೈಗಾರಿಕಾ ಹಂಚಿಕೆ ಸಮಸ್ಯೆ ಬಗೆಹರಿಸಲು ಜಿಲ್ಲಾಧಿಕಾರಿಗಳಿಗೆ ಮನವಿ
ಕೋಲಾರ: ಕೋಲಾರ ಜಿಲ್ಲೆಯ ಸರ್ಕಾರಿ ಆಸ್ಪತ್ರೆಯಲ್ಲಿ ಬಳಸಿದ ಔಷಧಿಗಳು ಮತ್ತು ತ್ಯಾಜ್ಯವನ್ನು ಕೆರೆ ಸಮೀಪದಲ್ಲಿ ಬಿಸಾಡಲಾಗಿದೆ ಎಂದು ಸ್ಥಳೀಯರು ಆರೋಪಿಸಿದ್ದಾರೆ ಸಂಬಂಧಪಟ್ಟ ಅಧಿಕಾರಿಗಳು ಕೂಡಲೇ ಕ್ರಮ ಕೈಗೊಳ್ಳಬೇಕು ಎಂದು ಒತ್ತಾಯಿಸಿದರು ಈ ಸಂದರ್ಭದಲ್ಲಿ ಸಂಘದ ಪದಾಧಿಕಾರಿಗಳು ಕಾರ್ಯಕರ್ತರು ಹಾಜರಿದ್ದರು ಕಾರ್ಮಿಕರ ಹಿತರಕ್ಷಣೆಗಾಗಿ ಹೋರಾಟ ಮುಂದುವರಿಸಲಾಗುವುದು ಎಂದು ತಿಳಿಸಿದರು ಜಿಲ್ಲಾಧಿಕಾರಿಗಳಿಗೆ ಮನವಿ ಸಲ್ಲಿಸಲಾಯಿತು ವಿದ್ಯಾರ್ಥಿಗಳಿಗೆ ಉತ್ತಮ ಅವಕಾಶ ಕಲ್ಪಿಸಲಾಗಿದೆ ಕೋಲಾರ ಜಿಲ್ಲೆಯ ಸರ್ಕಾರಿ ಆಸ್ಪತ್ರೆಯಲ್ಲಿ ಬಳಸಿದ ಔಷಧಿಗಳು ಮತ್ತು ತ್ಯಾಜ್ಯವನ್ನು ಕೆರೆ ಸಮೀಪದಲ್ಲಿ ಬಿಸಾಡಲಾಗಿದೆ ಎಂದು ಸ್ಥಳೀಯರು ಆರೋಪಿಸಿದ್ದಾರೆ ಸಂಬಂಧಪಟ್ಟ ಅಧಿಕಾರಿಗಳು ಕೂಡಲೇ ಕ್ರಮ ಕೈಗೊಳ್ಳಬೇಕು ಎಂದು ಒತ್ತಾಯಿಸಿದರು ಈ ಸಂದರ್ಭದಲ್ಲಿ ಸಂಘದ ಪದಾಧಿಕಾರಿಗಳು ಕಾರ್ಯಕರ್ತರು ಹಾಜರಿದ್ದರು ಕಾರ್ಮಿಕರ ಹಿತರಕ್ಷಣೆಗಾಗಿ ಹೋರಾಟ ಮುಂದುವರಿಸಲಾಗುವುದು ಎಂದು ತಿಳಿಸಿದರು ಜಿಲ್ಲಾಧಿಕಾರಿಗಳಿಗೆ ಮನವಿ ಸಲ್ಲಿಸಲಾಯಿತು ವಿದ್ಯಾರ್ಥಿಗಳಿಗೆ ಉತ್ತಮ ಅವಕಾಶ ಕಲ್ಪಿಸಲಾಗಿದೆ
ಕೋಲಾರ ಜಿಲ್ಲೆಯ ಸರ್ಕಾರಿ ಆಸ್ಪತ್ರೆಯಲ್ಲಿ ಬಳಸಿದ ಔಷಧಿಗಳು ಮತ್ತು ತ್ಯಾಜ್ಯವನ್ನು ಕೆರೆ ಸಮೀಪದಲ್ಲಿ ಬಿಸಾಡಲಾಗಿದೆ ಎಂದು ಸ್ಥಳೀಯರು ಆರೋಪಿಸಿದ್ದಾರೆ ಸಂಬಂಧಪಟ್ಟ ಅಧಿಕಾರಿಗಳು ಕೂಡಲೇ ಕ್ರಮ ಕೈಗೊಳ್ಳಬೇಕು ಎಂದು ಒತ್ತಾಯಿಸಿದರು ಈ ಸಂದರ್ಭದಲ್ಲಿ ಸಂಘದ ಪದಾಧಿಕಾರಿಗಳು ಕಾರ್ಯಕರ್ತರು ಹಾಜರಿದ್ದರು ಕಾರ್ಮಿಕರ ಹಿತರಕ್ಷಣೆಗಾಗಿ ಹೋರಾಟ ಮುಂದುವರಿಸಲಾಗುವುದು ಎಂದು ತಿಳಿಸಿದರು ಜಿಲ್ಲಾಧಿಕಾರಿಗಳಿಗೆ ಮನವಿ ಸಲ್ಲಿಸಲಾಯಿತು ವಿದ್ಯಾರ್ಥಿಗಳಿಗೆ ಉತ್ತಮ ಅವಕಾಶ ಕಲ್ಪಿಸಲಾಗಿದೆ
ಕೋಲಾರ ಜಿಲ್ಲೆಯ ಸರ್ಕಾರಿ ಆಸ್ಪತ್ರೆಯಲ್ಲಿ ಬಳಸಿದ ಔಷಧಿಗಳು ಮತ್ತು ತ್ಯಾಜ್ಯವನ್ನು ಕೆರೆ ಸಮೀಪದಲ್ಲಿ ಬಿಸಾಡಲಾಗಿದೆ ಎಂದು ಸ್ಥಳೀಯರು ಆರೋಪಿಸಿದ್ದಾರೆ ಸಂಬಂಧಪಟ್ಟ ಅಧಿಕಾರಿಗಳು ಕೂಡಲೇ ಕ್ರಮ ಕೈಗೊಳ್ಳಬೇಕು ಎಂದು ಒತ್ತಾಯಿಸಿದರು ಈ ಸಂದರ್ಭದಲ್ಲಿ ಸಂಘದ ಪದಾಧಿಕಾರಿಗಳು ಕಾರ್ಯಕರ್ತರು ಹಾಜರಿದ್ದರು ಕಾರ್ಮಿಕರ ಹಿತರಕ್ಷಣೆಗಾಗಿ ಹೋರಾಟ ಮುಂದುವರಿಸಲಾಗುವುದು ಎಂದು ತಿಳಿಸಿದರು ಜಿಲ್ಲಾಧಿಕಾರಿಗಳಿಗೆ ಮನವಿ ಸಲ್ಲಿಸಲಾಯಿತು ವಿದ್ಯಾರ್ಥಿಗಳಿಗೆ ಉತ್ತಮ ಅವಕಾಶ ಕಲ್ಪಿಸಲಾಗಿದೆ
ಕೋಲಾರ ಜಿಲ್ಲೆಯ ಸರ್ಕಾರಿ ಆಸ್ಪತ್ರೆಯಲ್ಲಿ ಬಳಸಿದ ಔಷಧಿಗಳು ಮತ್ತು ತ್ಯಾಜ್ಯವನ್ನು ಕೆರೆ ಸಮೀಪದಲ್ಲಿ ಬಿಸಾಡಲಾಗಿದೆ ಎಂದು ಸ್ಥಳೀಯರು ಆರೋಪಿಸಿದ್ದಾರೆ ಸಂಬಂಧಪಟ್ಟ ಅಧಿಕಾರಿಗಳು ಕೂಡಲೇ ಕ್ರಮ ಕೈಗೊಳ್ಳಬೇಕು ಎಂದು ಒತ್ತಾಯಿಸಿದರು ಈ ಸಂದರ್ಭದಲ್ಲಿ ಸಂಘದ ಪದಾಧಿಕಾರಿಗಳು ಕಾರ್ಯಕರ್ತರು ಹಾಜರಿದ್ದರು ಕಾರ್ಮಿಕರ ಹಿತರಕ್ಷಣೆಗಾಗಿ ಹೋರಾಟ ಮುಂದುವರಿಸಲಾಗುವುದು ಎಂದು ತಿಳಿಸಿದರು ಜಿಲ್ಲಾಧಿಕಾರಿಗಳಿಗೆ ಮನವಿ ಸಲ್ಲಿಸಲಾಯಿತು ವಿದ್ಯಾರ್ಥಿಗಳಿಗೆ ಉತ್ತಮ ಅವಕಾಶ ಕಲ್ಪಿಸಲಾಗಿದೆ
ವಾಕೊ ವರ್ಲ್ಡ್ ಕಿಕ್ ಬಾಕ್ಸಿಂಗ್ ಚಾಂಪಿಯನ್‌ಶಿಪ್
ಪ್ರಪ್ರಥಮ ಬಾರಿಗೆ ರಾಷ್ಟ್ರದಿಂದ ಪ್ರತಿನಿಧಿಸಲಿರುವ ಕೋಲಾರದ ಕ್ರೀಡಾಪಟುಗಳು
ಕೋಲಾರ: ಕೋಲಾರ ಜಿಲ್ಲೆಯ ಸರ್ಕಾರಿ ಆಸ್ಪತ್ರೆಯಲ್ಲಿ ಬಳಸಿದ ಔಷಧಿಗಳು ಮತ್ತು ತ್ಯಾಜ್ಯವನ್ನು ಕೆರೆ ಸಮೀಪದಲ್ಲಿ ಬಿಸಾಡಲಾಗಿದೆ ಎಂದು ಸ್ಥಳೀಯರು ಆರೋಪಿಸಿದ್ದಾರೆ ಸಂಬಂಧಪಟ್ಟ ಅಧಿಕಾರಿಗಳು ಕೂಡಲೇ ಕ್ರಮ ಕೈಗೊಳ್ಳಬೇಕು ಎಂದು ಒತ್ತಾಯಿಸಿದರು ಈ ಸಂದರ್ಭದಲ್ಲಿ ಸಂಘದ ಪದಾಧಿಕಾರಿಗಳು ಕಾರ್ಯಕರ್ತರು ಹಾಜರಿದ್ದರು ಕಾರ್ಮಿಕರ ಹಿತರಕ್ಷಣೆಗಾಗಿ ಹೋರಾಟ ಮುಂದುವರಿಸಲಾಗುವುದು ಎಂದು ತಿಳಿಸಿದರು ಜಿಲ್ಲಾಧಿಕಾರಿಗಳಿಗೆ ಮನವಿ ಸಲ್ಲಿಸಲಾಯಿತು ವಿದ್ಯಾರ್ಥಿಗಳಿಗೆ ಉತ್ತಮ ಅವಕಾಶ ಕಲ್ಪಿಸಲಾಗಿದೆ
ಕೋಲಾರ ಜಿಲ್ಲೆಯ ಸರ್ಕಾರಿ ಆಸ್ಪತ್ರೆಯಲ್ಲಿ ಬಳಸಿದ ಔಷಧಿಗಳು ಮತ್ತು ತ್ಯಾಜ್ಯವನ್ನು ಕೆರೆ ಸಮೀಪದಲ್ಲಿ ಬಿಸಾಡಲಾಗಿದೆ ಎಂದು ಸ್ಥಳೀಯರು ಆರೋಪಿಸಿದ್ದಾರೆ ಸಂಬಂಧಪಟ್ಟ ಅಧಿಕಾರಿಗಳು ಕೂಡಲೇ ಕ್ರಮ ಕೈಗೊಳ್ಳಬೇಕು ಎಂದು ಒತ್ತಾಯಿಸಿದರು ಈ ಸಂದರ್ಭದಲ್ಲಿ ಸಂಘದ ಪದಾಧಿಕಾರಿಗಳು ಕಾರ್ಯಕರ್ತರು ಹಾಜರಿದ್ದರು
ಕೋಲಾರ ಜಿಲ್ಲೆಯ ಸರ್ಕಾರಿ ಆಸ್ಪತ್ರೆಯಲ್ಲಿ ಬಳಸಿದ ಔಷಧಿಗಳು ಮತ್ತು ತ್ಯಾಜ್ಯವನ್ನು ಕೆರೆ ಸಮೀಪದಲ್ಲಿ ಬಿಸಾಡಲಾಗಿದೆ ಎಂದು ಸ್ಥಳೀಯರು ಆರೋಪಿಸಿದ್ದಾರೆ ಸಂಬಂಧಪಟ್ಟ ಅಧಿಕಾರಿಗಳು ಕೂಡಲೇ ಕ್ರಮ ಕೈಗೊಳ್ಳಬೇಕು ಎಂದು ಒತ್ತಾಯಿಸಿದರು ಈ ಸಂದರ್ಭದಲ್ಲಿ ಸಂಘದ ಪದಾಧಿಕಾರಿಗಳು ಕಾರ್ಯಕರ್ತರು ಹಾಜರಿದ್ದರು
ಕೋಲಾರ ಜಿಲ್ಲೆಯ ಸರ್ಕಾರಿ ಆಸ್ಪತ್ರೆಯಲ್ಲಿ ಬಳಸಿದ ಔಷಧಿಗಳು ಮತ್ತು ತ್ಯಾಜ್ಯವನ್ನು ಕೆರೆ ಸಮೀಪದಲ್ಲಿ ಬಿಸಾಡಲಾಗಿದೆ ಎಂದು ಸ್ಥಳೀಯರು ಆರೋಪಿಸಿದ್ದಾರೆ ಸಂಬಂಧಪಟ್ಟ ಅಧಿಕಾರಿಗಳು ಕೂಡಲೇ ಕ್ರಮ ಕೈಗೊಳ್ಳಬೇಕು ಎಂದು ಒತ್ತಾಯಿಸಿದರು ಈ ಸಂದರ್ಭದಲ್ಲಿ ಸಂಘದ ಪದಾಧಿಕಾರಿಗಳು ಕಾರ್ಯಕರ್ತರು ಹಾಜರಿದ್ದರು ಕಾರ್ಮಿಕರ ಹಿತರಕ್ಷಣೆಗಾಗಿ ಹೋರಾಟ ಮುಂದುವರಿಸಲಾಗುವುದು ಎಂದು ತಿಳಿಸಿದರು ಜಿಲ್ಲಾಧಿಕಾರಿಗಳಿಗೆ ಮನವಿ ಸಲ್ಲಿಸಲಾಯಿತು ವಿದ್ಯಾರ್ಥಿಗಳಿಗೆ ಉತ್ತಮ ಅವಕಾಶ ಕಲ್ಪಿಸಲಾಗಿದೆ
ವೈಜ್ಞಾನಿಕ ಮಣ್ಣಿನ ಪರೀಕ್ಷೆ ಮತ್ತು ಮಾದರಿ ಸಂಗ್ರಹಣೆ ಕುರಿತು ಜಾಗೃತಿ
ಕೋಲಾರ: ಕೋಲಾರ ಜಿಲ್ಲೆಯ ಸರ್ಕಾರಿ ಆಸ್ಪತ್ರೆಯಲ್ಲಿ ಬಳಸಿದ ಔಷಧಿಗಳು ಮತ್ತು ತ್ಯಾಜ್ಯವನ್ನು ಕೆರೆ ಸಮೀಪದಲ್ಲಿ ಬಿಸಾಡಲಾಗಿದೆ ಎಂದು ಸ್ಥಳೀಯರು ಆರೋಪಿಸಿದ್ದಾರೆ ಸಂಬಂಧಪಟ್ಟ ಅಧಿಕಾರಿಗಳು ಕೂಡಲೇ ಕ್ರಮ ಕೈಗೊಳ್ಳಬೇಕು ಎಂದು ಒತ್ತಾಯಿಸಿದರು ಈ ಸಂದರ್ಭದಲ್ಲಿ ಸಂಘದ ಪದಾಧಿಕಾರಿಗಳು ಕಾರ್ಯಕರ್ತರು ಹಾಜರಿದ್ದರು ಕಾರ್ಮಿಕರ ಹಿತರಕ್ಷಣೆಗಾಗಿ ಹೋರಾಟ ಮುಂದುವರಿಸಲಾಗುವುದು ಎಂದು ತಿಳಿಸಿದರು ಜಿಲ್ಲಾಧಿಕಾರಿಗಳಿಗೆ ಮನವಿ ಸಲ್ಲಿಸಲಾಯಿತು ವಿದ್ಯಾರ್ಥಿಗಳಿಗೆ ಉತ್ತಮ ಅವಕಾಶ ಕಲ್ಪಿಸಲಾಗಿದೆ
ಕೋಲಾರ ಜಿಲ್ಲೆಯ ಸರ್ಕಾರಿ ಆಸ್ಪತ್ರೆಯಲ್ಲಿ ಬಳಸಿದ ಔಷಧಿಗಳು ಮತ್ತು ತ್ಯಾಜ್ಯವನ್ನು ಕೆರೆ ಸಮೀಪದಲ್ಲಿ ಬಿಸಾಡಲಾಗಿದೆ ಎಂದು ಸ್ಥಳೀಯರು ಆರೋಪಿಸಿದ್ದಾರೆ ಸಂಬಂಧಪಟ್ಟ ಅಧಿಕಾರಿಗಳು ಕೂಡಲೇ ಕ್ರಮ ಕೈಗೊಳ್ಳಬೇಕು ಎಂದು ಒತ್ತಾಯಿಸಿದರು ಈ
ಕೋಲಾರ ಜಿಲ್ಲೆಯ ಸರ್ಕಾರಿ ಆಸ್ಪತ್ರೆಯಲ್ಲಿ ಬಳಸಿದ ಔಷಧಿಗಳು ಮತ್ತು ತ್ಯಾಜ್ಯವನ್ನು ಕೆರೆ ಸಮೀಪದಲ್ಲಿ ಬಿಸಾಡಲಾಗಿದೆ ಎಂದು ಸ್ಥಳೀಯರು ಆರೋಪಿಸಿದ್ದಾರೆ ಸಂಬಂಧಪಟ್ಟ ಅಧಿಕಾರಿಗಳು ಕೂಡಲೇ ಕ್ರಮ ಕೈಗೊಳ್ಳಬೇಕು ಎಂದು
ಕೋಲಾರ ಜಿಲ್ಲೆಯ ಸರ್ಕಾರಿ ಆಸ್ಪತ್ರೆಯಲ್ಲಿ ಬಳಸಿದ ಔಷಧಿಗಳು ಮತ್ತು ತ್ಯಾಜ್ಯವನ್ನು ಕೆರೆ ಸಮೀಪದಲ್ಲಿ ಬಿಸಾಡಲಾಗಿದೆ ಎಂದು ಸ್ಥಳೀಯರು ಆರೋಪಿಸಿದ್ದಾರೆ ಸಂಬಂಧಪಟ್ಟ ಅಧಿಕಾರಿಗಳು ಕೂಡಲೇ ಕ್ರಮ ಕೈಗೊಳ್ಳಬೇಕು ಎಂದು ಒತ್ತಾಯಿಸಿದರು ಈ ಸಂದರ್ಭದಲ್ಲಿ ಸಂಘದ ಪದಾಧಿಕಾರಿಗಳು ಕಾರ್ಯಕರ್ತರು ಹಾಜರಿದ್ದರು ಕಾರ್ಮಿಕರ ಹಿತರಕ್ಷಣೆಗಾಗಿ ಹೋರಾಟ ಮುಂದುವರಿಸಲಾಗುವುದು ಎಂದು ತಿಳಿಸಿದರು ಜಿಲ್ಲಾಧಿಕಾರಿಗಳಿಗೆ ಮನವಿ ಸಲ್ಲಿಸಲಾಯಿತು ವಿದ್ಯಾರ್ಥಿಗಳಿಗೆ ಉತ್ತಮ ಅವಕಾಶ ಕಲ್ಪಿಸಲಾಗಿದೆ
ಸಂಪಾದಕ: ಸುಹಾಸ್ ಪ್ರಭಾಕರ, ಪ್ರಕಾಶಕ, ಮುದ್ರಕ: ಕೆ.ಎಸ್. ಶ್ರೀವಾಣಿ ಪ್ರಭಾಕರ, ಸುಮನ ಆಫ್‌ಸೆಟ್, 2ನೇ ರಸ್ತೆ, ಗೌರಿಪೇಟೆ, ಕೋಲಾರ-563101
Ph: 08152-222325
e-mail:
kolarapatrike @gmail.com
